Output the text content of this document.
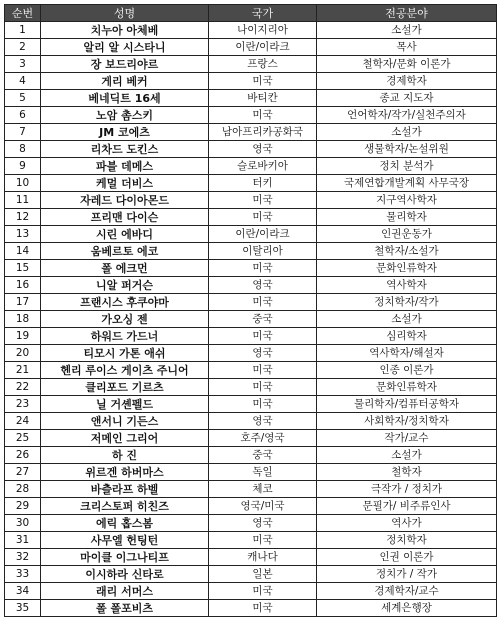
순번	성명	국가	전공분야
1	치누아 아체베	나이지리아	소설가
2	알리 알 시스타니	이란/이라크	목사
3	장 보드리야르	프랑스	철학자/문화 이론가
4	게리 베커	미국	경제학자
5	베네딕트 16세	바티칸	종교 지도자
6	노암 촘스키	미국	언어학자/작가/실천주의자
7	JM 코에츠	남아프리카공화국	소설가
8	리차드 도킨스	영국	생물학자/논설위원
9	파블 데메스	슬로바키아	정치 분석가
10	케멀 더비스	터키	국제연합개발계획 사무국장
11	자레드 다이아몬드	미국	지구역사학자
12	프리맨 다이슨	미국	물리학자
13	시린 에바디	이란/이라크	인권운동가
14	움베르토 에코	이탈리아	철학자/소설가
15	폴 에크먼	미국	문화인류학자
16	니알 퍼거슨	영국	역사학자
17	프랜시스 후쿠야마	미국	정치학자/작가
18	가오싱 젠	중국	소설가
19	하워드 가드너	미국	심리학자
20	티모시 가톤 애쉬	영국	역사학자/해설자
21	헨리 루이스 게이츠 주니어	미국	인종 이론가
22	클리포드 기르츠	미국	문화인류학자
23	닐 거셴펠드	미국	물리학자/컴퓨터공학자
24	앤서니 기든스	영국	사회학자/정치학자
25	저메인 그리어	호주/영국	작가/교수
26	하 진	중국	소설가
27	위르겐 하버마스	독일	철학자
28	바츨라프 하벨	체코	극작가 / 정치가
29	크리스토퍼 히친즈	영국/미국	문필가/ 비주류인사
30	에릭 홉스봄	영국	역사가
31	사무엘 헌팅턴	미국	정치학자
32	마이클 이그나티프	캐나다	인권 이론가
33	이시하라 신타로	일본	정치가 / 작가
34	래리 서머스	미국	경제학자/교수
35	폴 폴포비츠	미국	세계은행장
